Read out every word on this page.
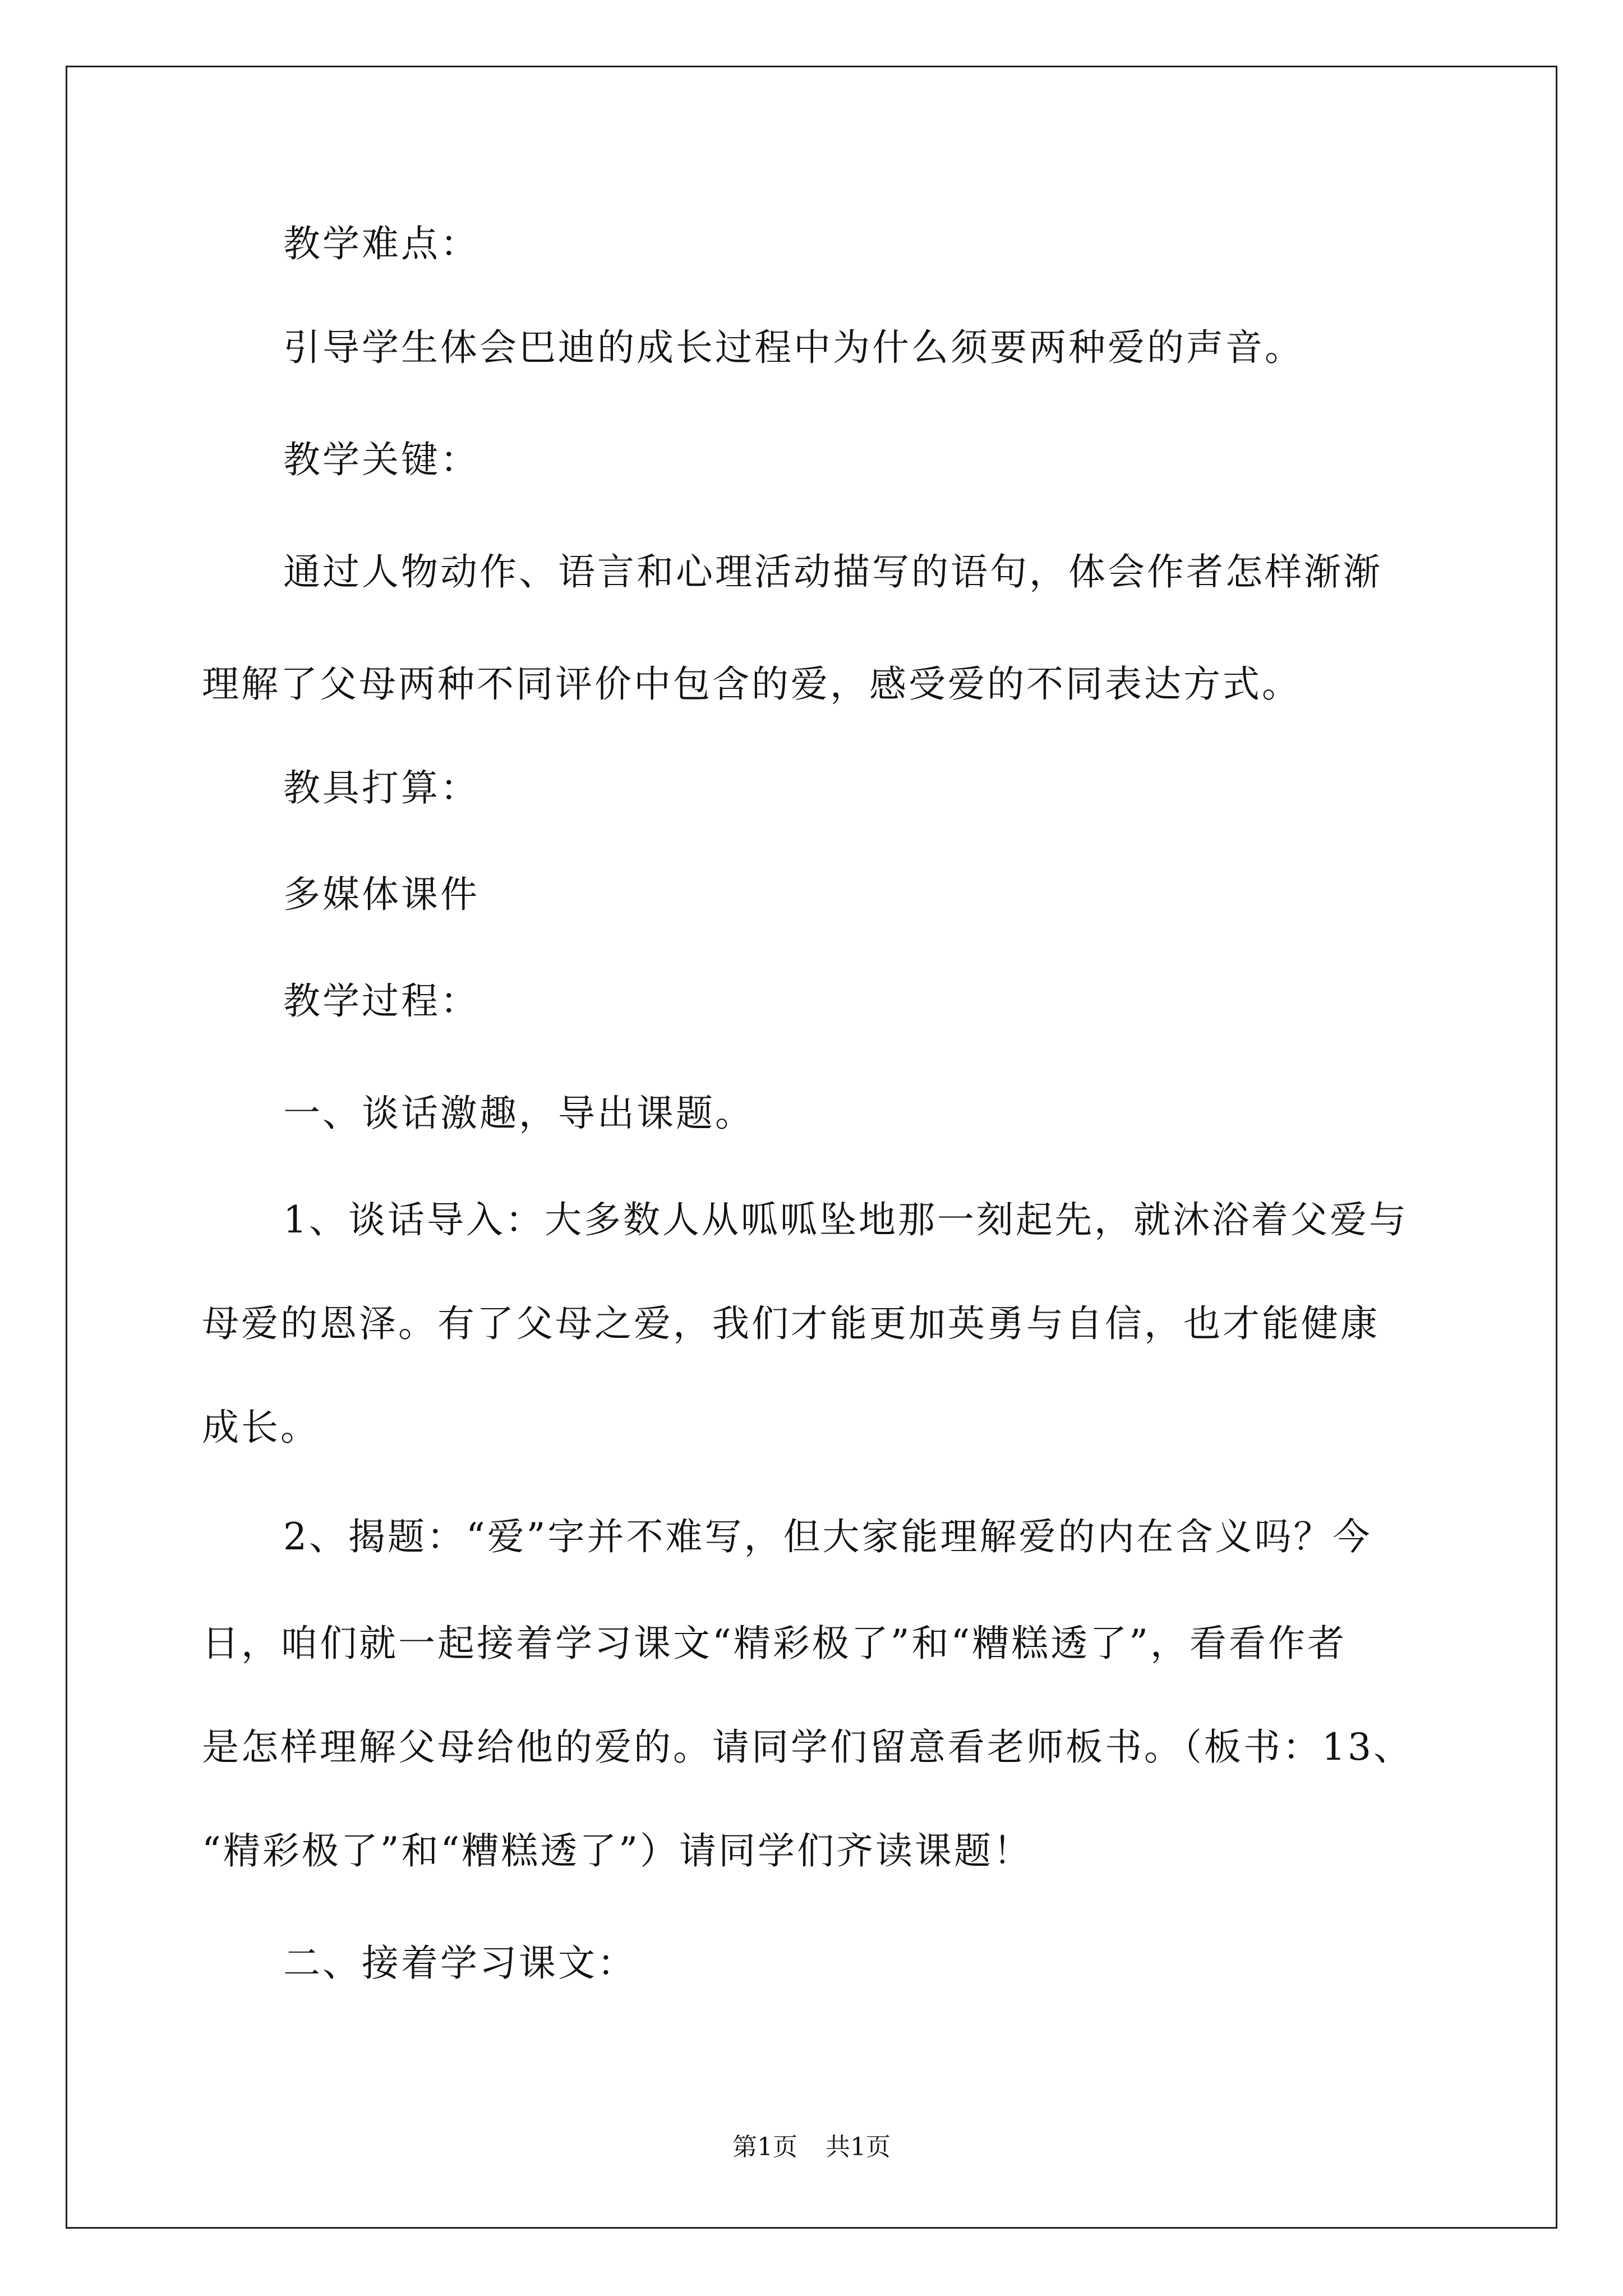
教学难点：
引导学生体会巴迪的成长过程中为什么须要两种爱的声音。
教学关键：
通过人物动作、语言和心理活动描写的语句，体会作者怎样渐渐
理解了父母两种不同评价中包含的爱，感受爱的不同表达方式。
教具打算：
多媒体课件
教学过程：
一、谈话激趣，导出课题。
1、谈话导入：大多数人从呱呱坠地那一刻起先，就沐浴着父爱与
母爱的恩泽。有了父母之爱，我们才能更加英勇与自信，也才能健康
成长。
2、揭题：“爱”字并不难写，但大家能理解爱的内在含义吗？今
日，咱们就一起接着学习课文“精彩极了”和“糟糕透了”，看看作者
是怎样理解父母给他的爱的。请同学们留意看老师板书。（板书：13、
“精彩极了”和“糟糕透了”）请同学们齐读课题！
二、接着学习课文：
第1页 共1页
